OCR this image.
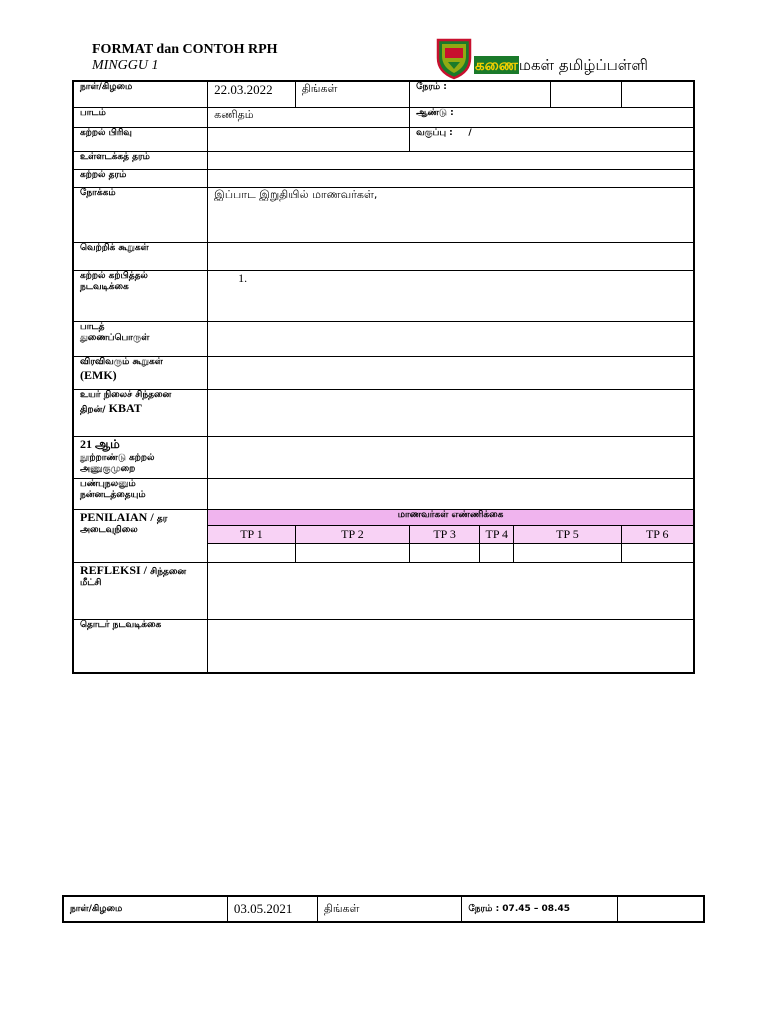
FORMAT dan CONTOH RPH
MINGGU 1	கணைமகள் தமிழ்ப்பள்ளி
நாள்/கிழமை	22.03.2022	திங்கள்	நேரம் :				
பாடம்	கணிதம்		ஆண்டு :				
கற்றல் பிரிவு			வகுப்பு : /				
உள்ளடக்கத் தரம்							
கற்றல் தரம்							
நோக்கம்	இப்பாட இறுதியில் மாணவர்கள்,						
வெற்றிக் கூறுகள்							

கற்றல் கற்பித்தல்
நடவடிக்கை	1.						

பாடத்
துணைப்பொருள்							

விரவிவரும் கூறுகள்
(EMK)							

உயர் நிலைச் சிந்தனை
திறன்/ KBAT							

21 ஆம்
நூற்றாண்டு கற்றல்
அணுகுமுறை							

பண்புநலனும்
நன்னடத்தையும்							

PENILAIAN / தர
அடைவுநிலை	மாணவர்கள் எண்ணிக்கை						
	TP 1	TP 2	TP 3	TP 4	TP 5		TP 6

REFLEKSI / சிந்தனை
மீட்சி							

தொடர் நடவடிக்கை							
நாள்/கிழமை	03.05.2021	திங்கள்	நேரம் : 07.45 – 08.45	
